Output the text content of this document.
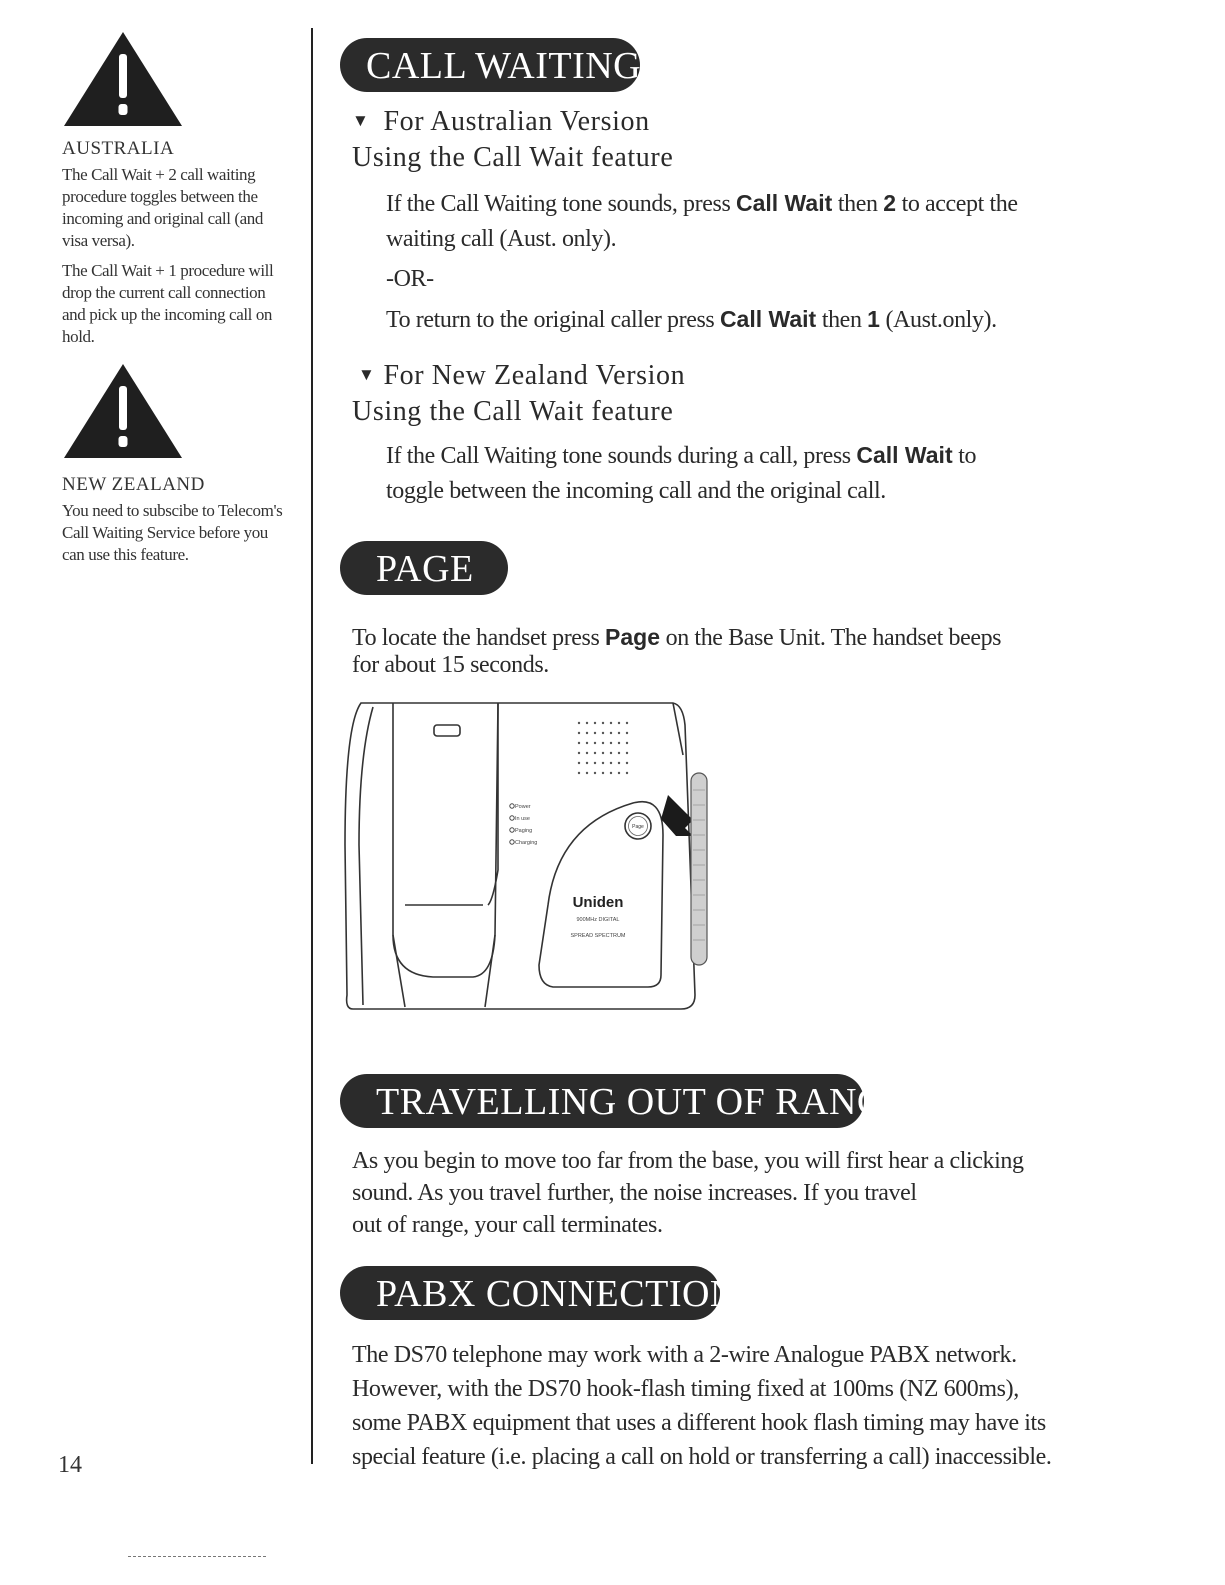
AUSTRALIA

The Call Wait + 2 call waiting procedure toggles between the incoming and original call (and visa versa).

The Call Wait + 1 procedure will drop the current call connection and pick up the incoming call on hold.

NEW ZEALAND

You need to subscibe to Telecom's Call Waiting Service before you can use this feature.

14
CALL WAITING
▼ For Australian Version
Using the Call Wait feature
If the Call Waiting tone sounds, press Call Wait then 2 to accept the
waiting call (Aust. only).
-OR-
To return to the original caller press Call Wait then 1 (Aust.only).
▼ For New Zealand Version
Using the Call Wait feature
If the Call Waiting tone sounds during a call, press Call Wait to
toggle between the incoming call and the original call.
PAGE
To locate the handset press Page on the Base Unit. The handset beeps
for about 15 seconds.
Power
In use
Paging
Charging
Page
Uniden
900MHz DIGITAL
SPREAD SPECTRUM
TRAVELLING OUT OF RANGE
As you begin to move too far from the base, you will first hear a clicking
sound. As you travel further, the noise increases. If you travel
out of range, your call terminates.
PABX CONNECTION
The DS70 telephone may work with a 2-wire Analogue PABX network.
However, with the DS70 hook-flash timing fixed at 100ms (NZ 600ms),
some PABX equipment that uses a different hook flash timing may have its
special feature (i.e. placing a call on hold or transferring a call) inaccessible.
